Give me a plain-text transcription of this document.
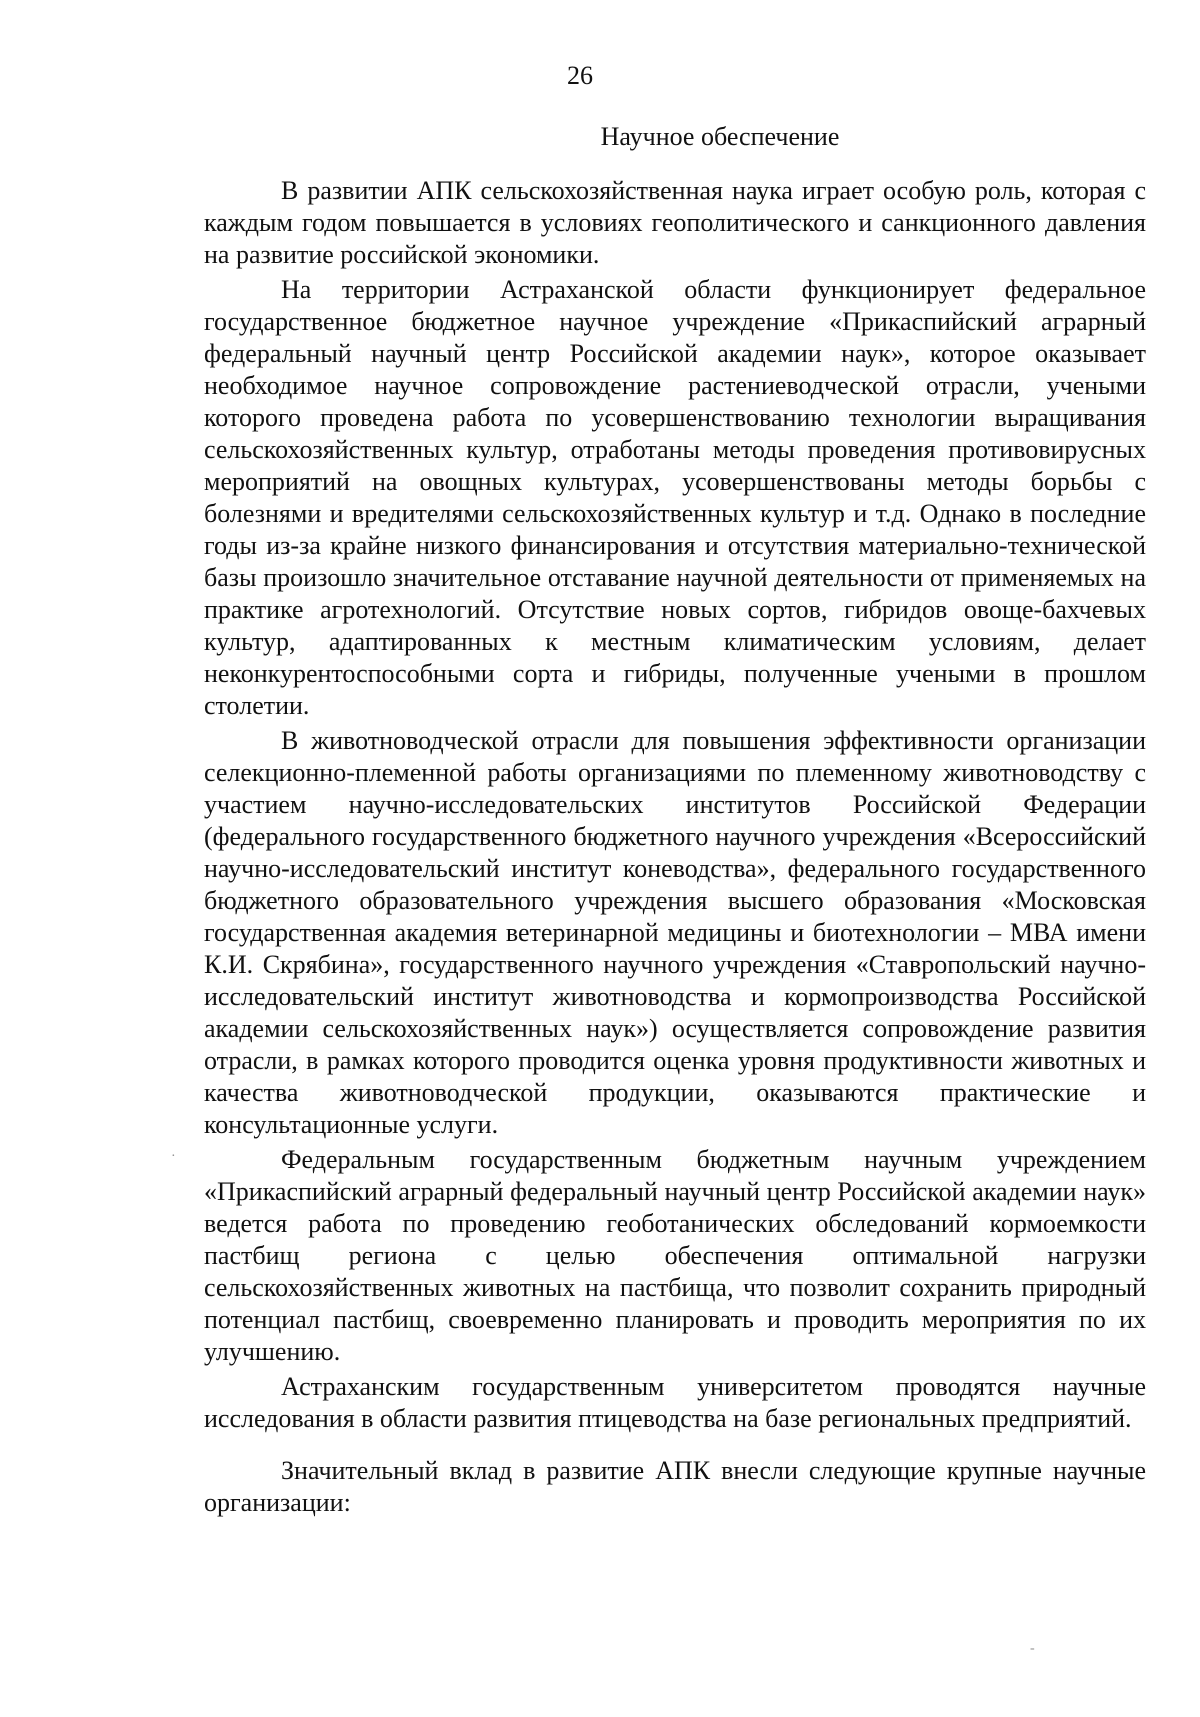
26
Научное обеспечение

В развитии АПК сельскохозяйственная наука играет особую роль, которая с каждым годом повышается в условиях геополитического и санкционного давления на развитие российской экономики.

На территории Астраханской области функционирует федеральное государственное бюджетное научное учреждение «Прикаспийский аграрный федеральный научный центр Российской академии наук», которое оказывает необходимое научное сопровождение растениеводческой отрасли, учеными которого проведена работа по усовершенствованию технологии выращивания сельскохозяйственных культур, отработаны методы проведения противовирусных мероприятий на овощных культурах, усовершенствованы методы борьбы с болезнями и вредителями сельскохозяйственных культур и т.д. Однако в последние годы из-за крайне низкого финансирования и отсутствия материально-технической базы произошло значительное отставание научной деятельности от применяемых на практике агротехнологий. Отсутствие новых сортов, гибридов овоще-бахчевых культур, адаптированных к местным климатическим условиям, делает неконкурентоспособными сорта и гибриды, полученные учеными в прошлом столетии.

В животноводческой отрасли для повышения эффективности организации селекционно-племенной работы организациями по племенному животноводству с участием научно-исследовательских институтов Российской Федерации (федерального государственного бюджетного научного учреждения «Всероссийский научно-исследовательский институт коневодства», федерального государственного бюджетного образовательного учреждения высшего образования «Московская государственная академия ветеринарной медицины и биотехнологии – МВА имени К.И. Скрябина», государственного научного учреждения «Ставропольский научно-исследовательский институт животноводства и кормопроизводства Российской академии сельскохозяйственных наук») осуществляется сопровождение развития отрасли, в рамках которого проводится оценка уровня продуктивности животных и качества животноводческой продукции, оказываются практические и консультационные услуги.

Федеральным государственным бюджетным научным учреждением «Прикаспийский аграрный федеральный научный центр Российской академии наук» ведется работа по проведению геоботанических обследований кормоемкости пастбищ региона с целью обеспечения оптимальной нагрузки сельскохозяйственных животных на пастбища, что позволит сохранить природный потенциал пастбищ, своевременно планировать и проводить мероприятия по их улучшению.

Астраханским государственным университетом проводятся научные исследования в области развития птицеводства на базе региональных предприятий.

Значительный вклад в развитие АПК внесли следующие крупные научные организации:

·
-
